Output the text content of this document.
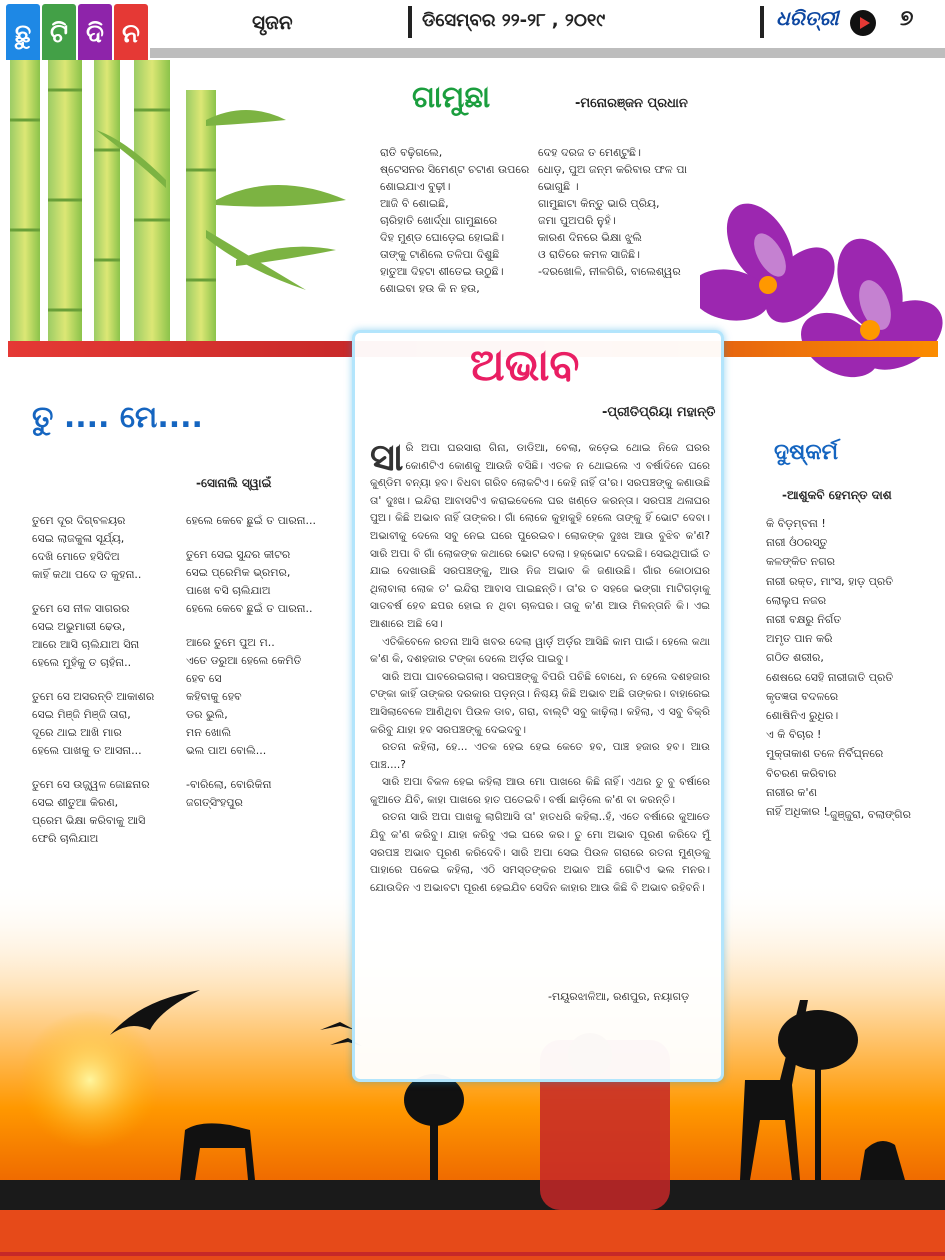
ଛୁ ଟି ଦି ନ	ସୃଜନ	ଡିସେମ୍ବର ୨୨-୨୮ , ୨୦୧୯	ଧରିତ୍ରୀ	୭
ଗାମୁଛା	-ମନୋରଞ୍ଜନ ପ୍ରଧାନ
ରାତି ବଢ଼ିଗଲେ,
ଷ୍ଟେସନର ସିମେଣ୍ଟ ଚଟାଣ ଉପରେ
ଶୋଇଯାଏ ବୁଢ଼ୀ।
ଆଜି ବି ଶୋଇଛି,
ଚାରିହାତି ଖୋର୍ଦ୍ଧା ଗାମୁଛାରେ
ଦିହ ମୁଣ୍ଡ ଘୋଡ଼େଇ ହୋଇଛି।
ତାଙ୍କୁ ଟାଣିଲେ ତଳିପା ଦିଶୁଛି
ହାତୁଆ ଦିହଟା ଶୀତେଇ ଉଠୁଛି।
ଶୋଇବା ହଉ କି ନ ହଉ,
ଦେହ ଦରଜ ତ ମେଣ୍ଟୁଛି।
ଧୋଡ଼, ପୁଅ ଜନ୍ମ କରିବାର ଫଳ ପା
ଭୋଗୁଛି ।
ଗାମୁଛାଟା କିନ୍ତୁ ଭାରି ପ୍ରିୟ,
ଜମା ପୁଅପରି ନୁହଁ।
କାରଣ ଦିନରେ ଭିକ୍ଷା ଝୁଲି
ଓ ରାତିରେ କମଳ ସାଜିଛି।
-ଦରଖୋଳି, ନୀଳଗିରି, ବାଲେଶ୍ୱର
ତୁ .... ମେ....
-ସୋନାଲି ସ୍ୱାଇଁ
ତୁମେ ଦୂର ଦିଗ୍‌ବଳୟର
ସେଇ ଲାଜକୁଳା ସୂର୍ଯ୍ୟ,
ଦେଖି ମୋତେ ହସିଦିଅ
କାହିଁ କଥା ପଦେ ତ କୁହନା..
ତୁମେ ସେ ନୀଳ ସାଗରର
ସେଇ ଅଭୁମାରୀ ଢେଉ,
ଆରେ ଆସି ଚାଲିଯାଅ ସିନା
ହେଲେ ମୁହଁକୁ ତ ଚାହଁନା..
ତୁମେ ସେ ଅସରନ୍ତି ଆକାଶର
ସେଇ ମିଞ୍ଜି ମିଞ୍ଜି ତାରା,
ଦୂରେ ଥାଇ ଆଖି ମାର
ହେଲେ ପାଖକୁ ତ ଆସନା...
ତୁମେ ସେ ଉଜ୍ଜ୍ୱଳ ଜୋଛନାର
ସେଇ ଶୀତୁଆ କିରଣ,
ପ୍ରେମ ଭିକ୍ଷା କରିବାକୁ ଆସି
ଫେରି ଚାଲିଯାଅ
ହେଲେ କେବେ ଛୁଇଁ ତ ପାରନା...
ତୁମେ ସେଇ ସୁନ୍ଦର କୀଟର
ସେଇ ପ୍ରେମିକ ଭ୍ରମର,
ପାଖେ ବସି ଚାଲିଯାଅ
ହେଲେ କେବେ ଛୁଇଁ ତ ପାରନା..
ଆରେ ତୁମେ ପୁଅ ମ..
ଏତେ ଡରୁଆ ହେଲେ କେମିତି
ହେବ ସେ
କହିବାକୁ ହେବ
ଡର ଭୁଲି,
ମନ ଖୋଲି
ଭଲ ପାଅ ବୋଲି...
-ବାରିଲୋ, ବୋରିକିନା
ଜଗତ୍‌ସିଂହପୁର
ଅଭାବ
-ପ୍ରୀତିପ୍ରିୟା ମହାନ୍ତି

ସାରି ଅପା ଘରସାରା ଗିନା, ଡାଡିଆ, ବେଲା, କଡ଼େଇ ଥୋଇ ନିଜେ ଘରର କୋଣଟିଏ କୋଣକୁ ଆଉଜି ବସିଛି। ଏତକ ନ ଥୋଇଲେ ଏ ବର୍ଷାଦିନେ ଘରେ କୁଣ୍ଡିମ ବନ୍ୟା ହବ। ବିଧବା ଗରିବ ଲୋକଟିଏ। କେହି ନାହିଁ ତା'ର। ସରପଞ୍ଚଙ୍କୁ କଣାଉଛି ତା' ଦୁଃଖ। ଇନ୍ଦିରା ଆବାସଟିଏ କରାଇଦେଲେ ଘର ଖଣ୍ଡେ କରନ୍ତା। ସରପଞ୍ଚ ଥଳାଘର ପୁଅ। କିଛି ଅଭାବ ନାହିଁ ତାଙ୍କର। ଗାଁ ଲୋକେ କୁହାକୁହି ହେଲେ ତାଙ୍କୁ ହିଁ ଭୋଟ ଦେବା। ଅଭାବୀକୁ ଦେଲେ ସବୁ ନେଇ ଘରେ ପୁରେଇବ। ଲୋକଙ୍କ ଦୁଃଖ ଆଉ ବୁଝିବ କ'ଣ? ସାରି ଅପା ବି ଗାଁ ଲୋକଙ୍କ କଥାରେ ଭୋଟ ଦେଲା। ହକ୍‌ଭୋଟ ଦେଇଛି। ସେଇଥିପାଇଁ ତ ଯାଇ ଦେଖାଉଛି ସରପଞ୍ଚଙ୍କୁ, ଆଉ ନିଜ ଅଭାବ କି ଜଣାଉଛି। ଗାଁର କୋଠାଘର ଥିଲାବାଲା ଲୋକ ତ' ଇନ୍ଦିରା ଆବାସ ପାଇଛନ୍ତି। ତା'ର ତ ସହଜେ ଭଙ୍ଗା ମାଟିଗଡ଼ାକୁ ସାତବର୍ଷ ହେବ ଛପର ହୋଇ ନ ଥିବା ଚାଳଘର। ତାକୁ କ'ଣ ଆଉ ମିଳନ୍ତାନି କି। ଏଇ ଆଶାରେ ଅଛି ସେ।

ଏତିକିବେଳେ ରତନା ଆସି ଖବର ଦେଲା ୱାର୍ଡ଼ ଅର୍ଡ଼ର ଆସିଛି କାମ ପାଇଁ। ହେଲେ କଥା କ'ଣ କି, ଦଶହଜାର ଟଙ୍କା ଦେଲେ ଅର୍ଡ଼ର ପାଇବୁ।

ସାରି ଅପା ଘାବରେଇଗଲା। ସରପଞ୍ଚଙ୍କୁ ବିପରି ପଚିଛି ବୋଧେ, ନ ହେଲେ ଦଶହଜାର ଟଙ୍କା କାହିଁ ତାଙ୍କର ଦରକାର ପଡ଼ନ୍ତା। ନିଶ୍ଚୟ କିଛି ଅଭାବ ଅଛି ତାଙ୍କର। ବାହାରେଇ ଆସିଲାବେଳେ ଆଣିଥିବା ପିଉଳ ଡାବ, ଗରା, ବାଲ୍ଟି ସବୁ କାଢ଼ିଲା। କହିଲା, ଏ ସବୁ ବିକ୍ରି କରିବୁ ଯାହା ହବ ସରପଞ୍ଚଙ୍କୁ ଦେଇଦବୁ।

ରତନା କହିଲା, ହେ... ଏତକ ହେଇ ହେଇ କେତେ ହବ, ପାଞ୍ଚ ହଜାର ହବ। ଆଉ ପାଞ୍ଚ....?

ସାରି ଅପା ବିକଳ ହେଇ କହିଲା ଆଉ ମୋ ପାଖରେ କିଛି ନାହିଁ। ଏଥର ତୁ ବୁ ବର୍ଷାରେ କୁଆଡେ ଯିବି, କାହା ପାଖରେ ହାତ ପତେଇବି। ବର୍ଷା ଛାଡ଼ିଲେ କ'ଣ ବା କରନ୍ତି।

ରତନା ସାରି ଅପା ପାଖକୁ ଲାଗିଆସି ତା' ହାତଧରି କହିଲା..ହଁ, ଏତେ ବର୍ଷାରେ କୁଆଡେ ଯିବୁ କ'ଣ କରିବୁ। ଯାହା କରିବୁ ଏଇ ଘରେ କର। ତୁ ମୋ ଅଭାବ ପୂରଣ କରିଦେ ମୁଁ ସରପଞ୍ଚ ଅଭାବ ପୂରଣ କରିଦେବି। ସାରି ଅପା ସେଇ ପିଉଳ ଗରାରେ ରତନା ମୁଣ୍ଡକୁ ପାହାରେ ପକେଇ କହିଲା, ଏଠି ସମସ୍ତଙ୍କର ଅଭାବ ଅଛି ଗୋଟିଏ ଭଲ ମନର। ଯୋଉଦିନ ଏ ଅଭାବଟା ପୂରଣ ହେଇଯିବ ସେଦିନ କାହାର ଆଉ କିଛି ବି ଅଭାବ ରହିବନି।

-ମୟୂରଝାଳିଆ, ରଣପୁର, ନୟାଗଡ଼
ଦୁଷ୍କର୍ମ
-ଆଶୁକବି ହେମନ୍ତ ଦାଶ
କି ବିଡ଼ମ୍ବନା !
ନାରୀ ଓଁଠରସ୍ତୁ
କଳଙ୍କିତ ନଗର
ନାରୀ ରକ୍ତ, ମାଂସ, ହାଡ଼ ପ୍ରତି
ଲୋଲୁପ ନଜର
ନାରୀ ବକ୍ଷରୁ ନିର୍ଗତ
ଅମୃତ ପାନ କରି
ଗଠିତ ଶରୀର,
ଶେଷରେ ସେହି ନାରୀଜାତି ପ୍ରତି
କୃତଜ୍ଞତା ବଦଳରେ
ଶୋଷିନିଏ ରୁଧିର।
ଏ କି ବିଚାର !
ମୁକ୍ତାକାଶ ତଳେ ନିର୍ବିଘ୍ନରେ
ବିଚରଣ କରିବାର
ନାରୀର କ'ଣ
ନାହିଁ ଅଧିକାର !
-ଜୁଞ୍ଜୁରା, ବଲାଙ୍ଗିର
